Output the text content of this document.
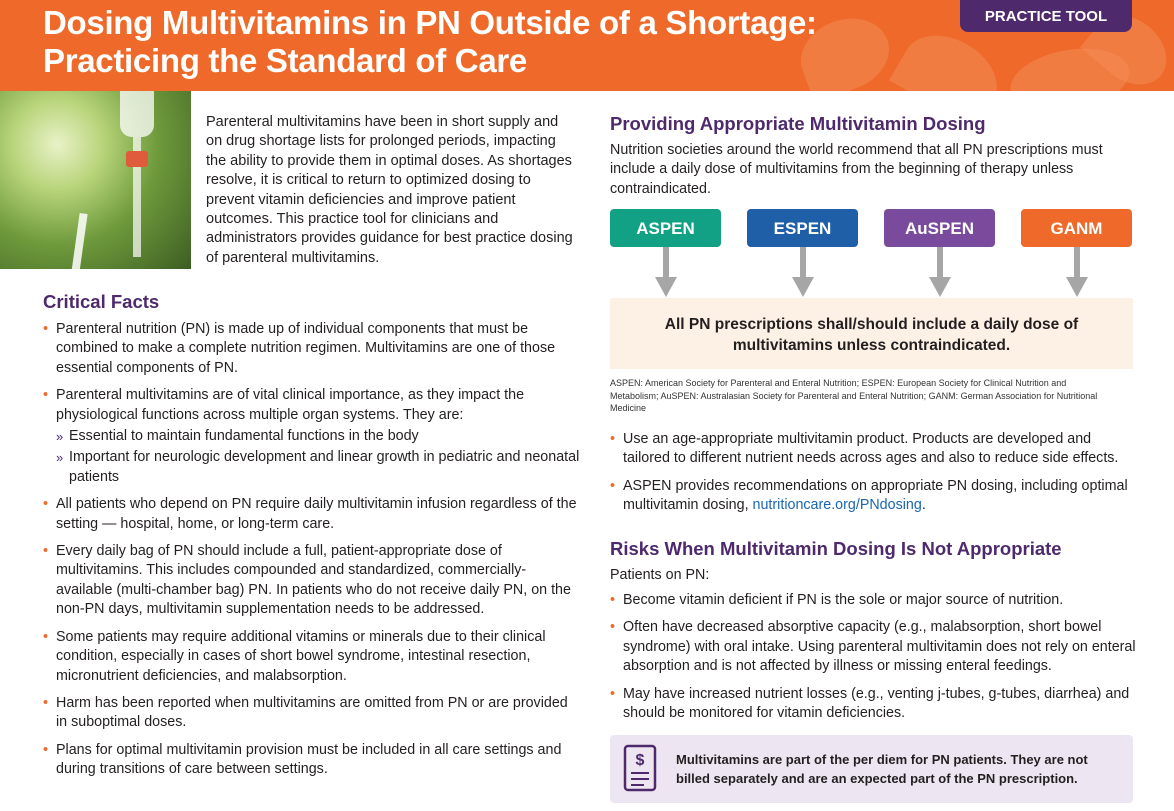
Dosing Multivitamins in PN Outside of a Shortage:
Practicing the Standard of Care
PRACTICE TOOL
Parenteral multivitamins have been in short supply and on drug shortage lists for prolonged periods, impacting the ability to provide them in optimal doses. As shortages resolve, it is critical to return to optimized dosing to prevent vitamin deficiencies and improve patient outcomes. This practice tool for clinicians and administrators provides guidance for best practice dosing of parenteral multivitamins.
Critical Facts
• Parenteral nutrition (PN) is made up of individual components that must be combined to make a complete nutrition regimen. Multivitamins are one of those essential components of PN.
• Parenteral multivitamins are of vital clinical importance, as they impact the physiological functions across multiple organ systems. They are:
» Essential to maintain fundamental functions in the body
» Important for neurologic development and linear growth in pediatric and neonatal patients
• All patients who depend on PN require daily multivitamin infusion regardless of the setting — hospital, home, or long-term care.
• Every daily bag of PN should include a full, patient-appropriate dose of multivitamins. This includes compounded and standardized, commercially-available (multi-chamber bag) PN. In patients who do not receive daily PN, on the non-PN days, multivitamin supplementation needs to be addressed.
• Some patients may require additional vitamins or minerals due to their clinical condition, especially in cases of short bowel syndrome, intestinal resection, micronutrient deficiencies, and malabsorption.
• Harm has been reported when multivitamins are omitted from PN or are provided in suboptimal doses.
• Plans for optimal multivitamin provision must be included in all care settings and during transitions of care between settings.
Providing Appropriate Multivitamin Dosing
Nutrition societies around the world recommend that all PN prescriptions must include a daily dose of multivitamins from the beginning of therapy unless contraindicated.
ASPEN	ESPEN	AuSPEN	GANM
All PN prescriptions shall/should include a daily dose of multivitamins unless contraindicated.
ASPEN: American Society for Parenteral and Enteral Nutrition; ESPEN: European Society for Clinical Nutrition and Metabolism; AuSPEN: Australasian Society for Parenteral and Enteral Nutrition; GANM: German Association for Nutritional Medicine
• Use an age-appropriate multivitamin product. Products are developed and tailored to different nutrient needs across ages and also to reduce side effects.
• ASPEN provides recommendations on appropriate PN dosing, including optimal multivitamin dosing, nutritioncare.org/PNdosing.
Risks When Multivitamin Dosing Is Not Appropriate
Patients on PN:
• Become vitamin deficient if PN is the sole or major source of nutrition.
• Often have decreased absorptive capacity (e.g., malabsorption, short bowel syndrome) with oral intake. Using parenteral multivitamin does not rely on enteral absorption and is not affected by illness or missing enteral feedings.
• May have increased nutrient losses (e.g., venting j-tubes, g-tubes, diarrhea) and should be monitored for vitamin deficiencies.
$ Multivitamins are part of the per diem for PN patients. They are not billed separately and are an expected part of the PN prescription.
